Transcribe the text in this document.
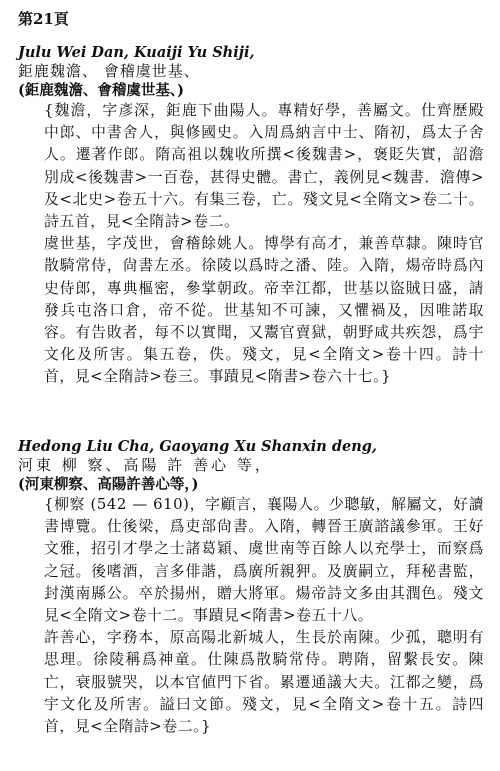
第21頁
Julu Wei Dan, Kuaiji Yu Shiji,
鉅鹿魏澹、 會稽虞世基、
(鉅鹿魏澹、會稽虞世基、)

{魏澹，字彥深，鉅鹿下曲陽人。專精好學，善屬文。仕齊歷殿中郎、中書舍人，與修國史。入周爲納言中士、隋初，爲太子舍人。遷著作郎。隋高祖以魏收所撰<後魏書>，褒貶失實，詔澹別成<後魏書>一百卷，甚得史體。書亡，義例見<魏書．澹傳>及<北史>卷五十六。有集三卷，亡。殘文見<全隋文>卷二十。詩五首，見<全隋詩>卷二。

虞世基，字茂世，會稽餘姚人。博學有高才，兼善草隸。陳時官散騎常侍，尙書左丞。徐陵以爲時之潘、陸。入隋，煬帝時爲內史侍郎，專典樞密，參掌朝政。帝幸江都，世基以盜賊日盛，請發兵屯洛口倉，帝不從。世基知不可諫，又懼禍及，因唯諾取容。有告敗者，每不以實聞，又鬻官賣獄，朝野咸共疾怨，爲宇文化及所害。集五卷，佚。殘文，見<全隋文>卷十四。詩十首，見<全隋詩>卷三。事蹟見<隋書>卷六十七。}

Hedong Liu Cha, Gaoyang Xu Shanxin deng,
河東 柳 察、高陽 許 善心 等，
(河東柳察、高陽許善心等，)

{柳察 (542 — 610)，字顧言，襄陽人。少聰敏，解屬文，好讀書博覽。仕後梁，爲吏部尙書。入隋，轉晉王廣諮議參軍。王好文雅，招引才學之士諸葛穎、虞世南等百餘人以充學士，而察爲之冠。後嗜酒，言多俳諧，爲廣所親狎。及廣嗣立，拜秘書監，封漢南縣公。卒於揚州，贈大將軍。煬帝詩文多由其潤色。殘文見<全隋文>卷十二。事蹟見<隋書>卷五十八。

許善心，字務本，原高陽北新城人，生長於南陳。少孤，聰明有思理。徐陵稱爲神童。仕陳爲散騎常侍。聘隋，留繫長安。陳亡，衰服號哭，以本官値門下省。累遷通議大夫。江都之變，爲宇文化及所害。謚曰文節。殘文，見<全隋文>卷十五。詩四首，見<全隋詩>卷二。}
